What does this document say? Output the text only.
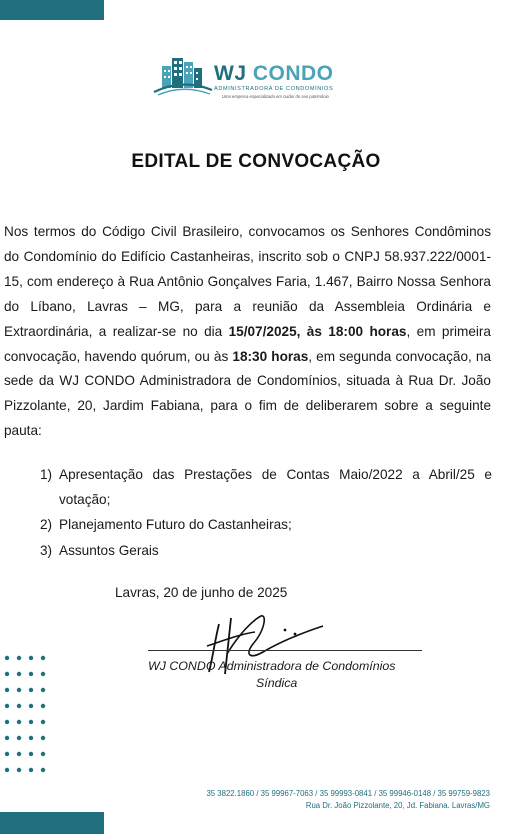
WJ CONDO
ADMINISTRADORA DE CONDOMÍNIOS
Uma empresa especializada em cuidar do seu patrimônio
EDITAL DE CONVOCAÇÃO

Nos termos do Código Civil Brasileiro, convocamos os Senhores Condôminos do Condomínio do Edifício Castanheiras, inscrito sob o CNPJ 58.937.222/0001-15, com endereço à Rua Antônio Gonçalves Faria, 1.467, Bairro Nossa Senhora do Líbano, Lavras – MG, para a reunião da Assembleia Ordinária e Extraordinária, a realizar-se no dia 15/07/2025, às 18:00 horas, em primeira convocação, havendo quórum, ou às 18:30 horas, em segunda convocação, na sede da WJ CONDO Administradora de Condomínios, situada à Rua Dr. João Pizzolante, 20, Jardim Fabiana, para o fim de deliberarem sobre a seguinte pauta:

1) Apresentação das Prestações de Contas Maio/2022 a Abril/25 e votação;
2) Planejamento Futuro do Castanheiras;
3) Assuntos Gerais
Lavras, 20 de junho de 2025
WJ CONDO Administradora de Condomínios
Síndica
35 3822.1860 / 35 99967-7063 / 35 99993-0841 / 35 99946-0148 / 35 99759-9823
Rua Dr. João Pizzolante, 20, Jd. Fabiana. Lavras/MG
